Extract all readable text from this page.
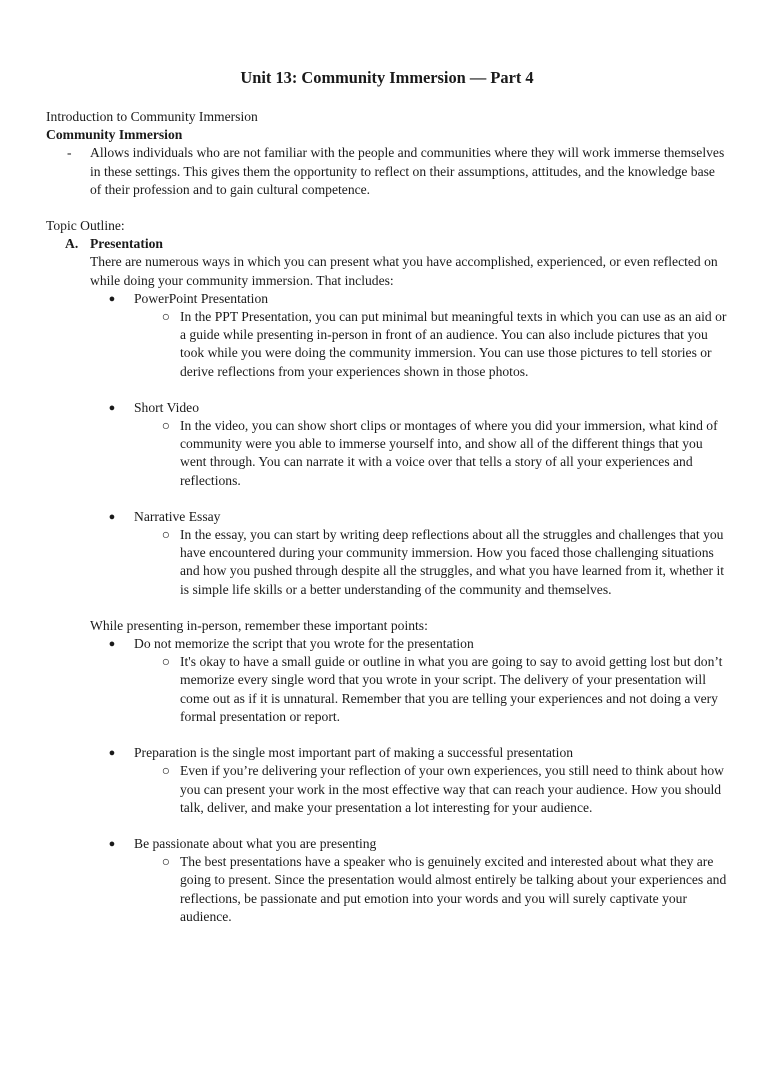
Unit 13: Community Immersion — Part 4
Introduction to Community Immersion
Community Immersion
-	Allows individuals who are not familiar with the people and communities where they will work immerse themselves in these settings. This gives them the opportunity to reflect on their assumptions, attitudes, and the knowledge base of their profession and to gain cultural competence.
Topic Outline:
A. Presentation
There are numerous ways in which you can present what you have accomplished, experienced, or even reflected on while doing your community immersion. That includes:
●	PowerPoint Presentation
○ In the PPT Presentation, you can put minimal but meaningful texts in which you can use as an aid or a guide while presenting in-person in front of an audience. You can also include pictures that you took while you were doing the community immersion. You can use those pictures to tell stories or derive reflections from your experiences shown in those photos.
●	Short Video
○ In the video, you can show short clips or montages of where you did your immersion, what kind of community were you able to immerse yourself into, and show all of the different things that you went through. You can narrate it with a voice over that tells a story of all your experiences and reflections.
●	Narrative Essay
○ In the essay, you can start by writing deep reflections about all the struggles and challenges that you have encountered during your community immersion. How you faced those challenging situations and how you pushed through despite all the struggles, and what you have learned from it, whether it is simple life skills or a better understanding of the community and themselves.
While presenting in-person, remember these important points:
●	Do not memorize the script that you wrote for the presentation
○ It's okay to have a small guide or outline in what you are going to say to avoid getting lost but don’t memorize every single word that you wrote in your script. The delivery of your presentation will come out as if it is unnatural. Remember that you are telling your experiences and not doing a very formal presentation or report.
●	Preparation is the single most important part of making a successful presentation
○ Even if you’re delivering your reflection of your own experiences, you still need to think about how you can present your work in the most effective way that can reach your audience. How you should talk, deliver, and make your presentation a lot interesting for your audience.
●	Be passionate about what you are presenting
○ The best presentations have a speaker who is genuinely excited and interested about what they are going to present. Since the presentation would almost entirely be talking about your experiences and reflections, be passionate and put emotion into your words and you will surely captivate your audience.
